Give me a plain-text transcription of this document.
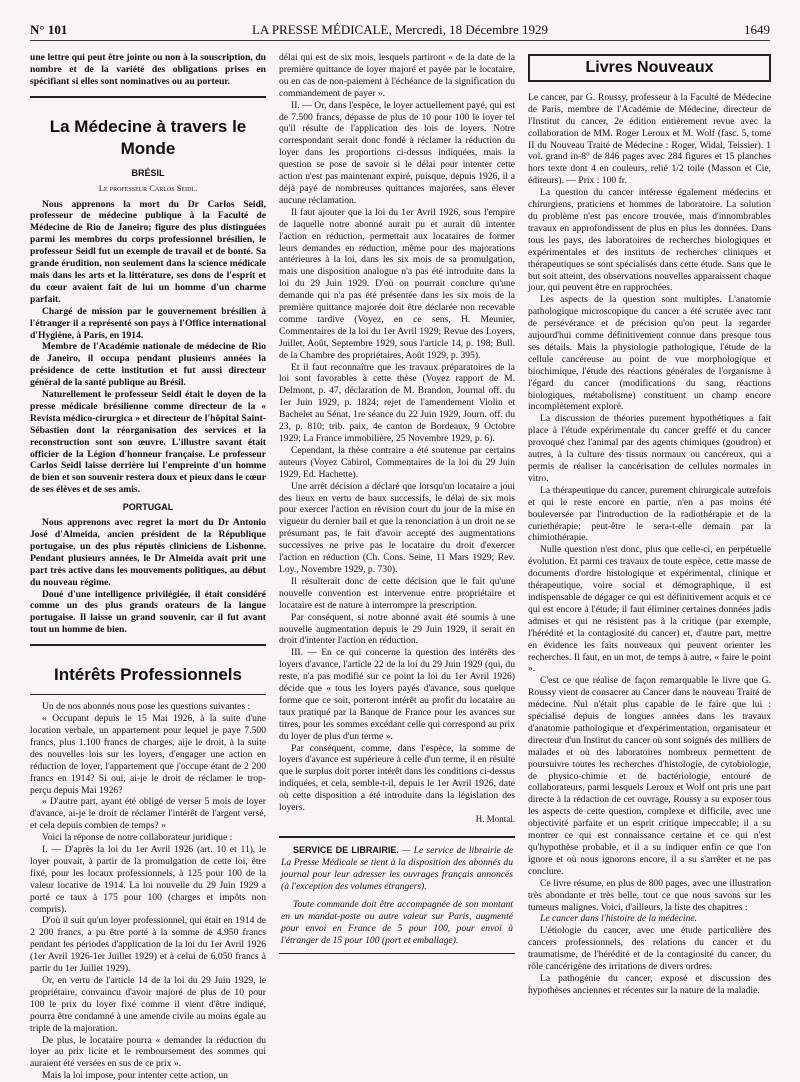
N° 101	LA PRESSE MÉDICALE, Mercredi, 18 Décembre 1929	1649

une lettre qui peut être jointe ou non à la souscription, du nombre et de la variété des obligations prises en spécifiant si elles sont nominatives ou au porteur.

La Médecine à travers le Monde
BRÉSIL
Le professeur Carlos Seidl.

Nous apprenons la mort du Dr Carlos Seidl, professeur de médecine publique à la Faculté de Médecine de Rio de Janeiro; figure des plus distinguées parmi les membres du corps professionnel brésilien, le professeur Seidl fut un exemple de travail et de bonté. Sa grande érudition, non seulement dans la science médicale mais dans les arts et la littérature, ses dons de l'esprit et du cœur avaient fait de lui un homme d'un charme parfait.

Chargé de mission par le gouvernement brésilien à l'étranger il a représenté son pays à l'Office international d'Hygiène, à Paris, en 1914.

Membre de l'Académie nationale de médecine de Rio de Janeiro, il occupa pendant plusieurs années la présidence de cette institution et fut aussi directeur général de la santé publique au Brésil.

Naturellement le professeur Seidl était le doyen de la presse médicale brésilienne comme directeur de la « Revista médico-cirurgica » et directeur de l'hôpital Saint-Sébastien dont la réorganisation des services et la reconstruction sont son œuvre. L'illustre savant était officier de la Légion d'honneur française. Le professeur Carlos Seidl laisse derrière lui l'empreinte d'un homme de bien et son souvenir restera doux et pieux dans le cœur de ses élèves et de ses amis.

PORTUGAL

Nous apprenons avec regret la mort du Dr Antonio José d'Almeida, ancien président de la République portugaise, un des plus réputés cliniciens de Lisbonne. Pendant plusieurs années, le Dr Almeida avait prit une part très active dans les mouvements politiques, au début du nouveau régime.

Doué d'une intelligence privilégiée, il était considéré comme un des plus grands orateurs de la langue portugaise. Il laisse un grand souvenir, car il fut avant tout un homme de bien.

Intérêts Professionnels

Un de nos abonnés nous pose les questions suivantes :

« Occupant depuis le 15 Mai 1926, à la suite d'une location verbale, un appartement pour lequel je paye 7.500 francs, plus 1.100 francs de charges, aije le droit, à la suite des nouvelles lois sur les loyers, d'engager une action en réduction de loyer, l'appartement que j'occupe étant de 2 200 francs en 1914? Si oui, ai-je le droit de réclamer le trop-perçu depuis Mai 1926?

« D'autre part, ayant été obligé de verser 5 mois de loyer d'avance, ai-je le droit de réclamer l'intérêt de l'argent versé, et cela depuis combien de temps? »

Voici la réponse de notre collaborateur juridique :

I. — D'après la loi du 1er Avril 1926 (art. 10 et 11), le loyer pouvait, à partir de la promulgation de cette loi, être fixé, pour les locaux professionnels, à 125 pour 100 de la valeur locative de 1914. La loi nouvelle du 29 Juin 1929 a porté ce taux à 175 pour 100 (charges et impôts non compris).

D'où il suit qu'un loyer professionnel, qui était en 1914 de 2 200 francs, a pu être porté à la somme de 4.950 francs pendant les périodes d'application de la loi du 1er Avril 1926 (1er Avril 1926-1er Juillet 1929) et à celui de 6.050 francs à partir du 1er Juillet 1929).

Or, en vertu de l'article 14 de la loi du 29 Juin 1929, le propriétaire, convaincu d'avoir majoré de plus de 10 pour 100 le prix du loyer fixé comme il vient d'être indiqué, pourra être condamné à une amende civile au moins égale au triple de la majoration.

De plus, le locataire pourra « demander la réduction du loyer au prix licite et le remboursement des sommes qui auraient été versées en sus de ce prix ».

Mais la loi impose, pour intenter cette action, un

délai qui est de six mois, lesquels partiront « de la date de la première quittance de loyer majoré et payée par le locataire, ou en cas de non-paiement à l'échéance de la signification du commandement de payer ».

II. — Or, dans l'espèce, le loyer actuellement payé, qui est de 7.500 francs, dépasse de plus de 10 pour 100 le loyer tel qu'il résulte de l'application des lois de loyers. Notre correspondant serait donc fondé à réclamer la réduction du loyer dans les proportions ci-dessus indiquées, mais la question se pose de savoir si le délai pour intenter cette action n'est pas maintenant expiré, puisque, depuis 1926, il a déjà payé de nombreuses quittances majorées, sans élever aucune réclamation.

Il faut ajouter que la loi du 1er Avril 1926, sous l'empire de laquelle notre abonné aurait pu et aurait dû intenter l'action en réduction, permettait aux locataires de former leurs demandes en réduction, même pour des majorations antérieures à la loi, dans les six mois de sa promulgation, mais une disposition analogue n'a pas été introduite dans la loi du 29 Juin 1929. D'où on pourrait conclure qu'une demande qui n'a pas été présentée dans les six mois de la première quittance majorée doit être déclarée non recevable comme tardive (Voyez, en ce sens, H. Meunier, Commentaires de la loi du 1er Avril 1929; Revue des Loyers, Juillet, Août, Septembre 1929, sous l'article 14, p. 198; Bull. de la Chambre des propriétaires, Août 1929, p. 395).

Et il faut reconnaître que les travaux préparatoires de la loi sont favorables à cette thèse (Voyez rapport de M. Delmont, p. 47, déclaration de M. Brandon, Journal off. du 1er Juin 1929, p. 1824; rejet de l'amendement Violin et Bachelet au Sénat, 1re séance du 22 Juin 1929, Journ. off. du 23, p. 810; trib. paix, 4e canton de Bordeaux, 9 Octobre 1929; La France immobilière, 25 Novembre 1929, p. 6).

Cependant, la thèse contraire a été soutenue par certains auteurs (Voyez Cabirol, Commentaires de la loi du 29 Juin 1929, Ed. Hachette).

Une arrêt décision a déclaré que lorsqu'un locataire a joui des lieux en vertu de baux successifs, le délai de six mois pour exercer l'action en révision court du jour de la mise en vigueur du dernier bail et que la renonciation à un droit ne se présumant pas, le fait d'avoir accepté des augmentations successives ne prive pas le locataire du droit d'exercer l'action en réduction (Ch. Cons. Seine, 11 Mars 1929; Rev. Loy., Novembre 1929, p. 730).

Il résulterait donc de cette décision que le fait qu'une nouvelle convention est intervenue entre propriétaire et locataire est de nature à interrompre la prescription.

Par conséquent, si notre abonné avait été soumis à une nouvelle augmentation depuis le 29 Juin 1929, il serait en droit d'intenter l'action en réduction.

III. — En ce qui concerne la question des intérêts des loyers d'avance, l'article 22 de la loi du 29 Juin 1929 (qui, du reste, n'a pas modifié sur ce point la loi du 1er Avril 1926) décide que « tous les loyers payés d'avance, sous quelque forme que ce soit, porteront intérêt au profit du locataire au taux pratiqué par la Banque de France pour les avances sur titres, pour les sommes excédant celle qui correspond au prix du loyer de plus d'un terme ».

Par conséquent, comme, dans l'espèce, la somme de loyers d'avance est supérieure à celle d'un terme, il en résulte que le surplus doit porter intérêt dans les conditions ci-dessus indiquées, et cela, semble-t-il, depuis le 1er Avril 1926, date où cette disposition a été introduite dans la législation des loyers.

H. Montal.

SERVICE DE LIBRAIRIE. — Le service de librairie de La Presse Médicale se tient à la disposition des abonnés du journal pour leur adresser les ouvrages français annoncés (à l'exception des volumes étrangers).

Toute commande doit être accompagnée de son montant en un mandat-poste ou autre valeur sur Paris, augmenté pour envoi en France de 5 pour 100, pour envoi à l'étranger de 15 pour 100 (port et emballage).

Livres Nouveaux

Le cancer, par G. Roussy, professeur à la Faculté de Médecine de Paris, membre de l'Académie de Médecine, directeur de l'Institut du cancer, 2e édition entièrement revue avec la collaboration de MM. Roger Leroux et M. Wolf (fasc. 5, tome II du Nouveau Traité de Médecine : Roger, Widal, Teissier). 1 vol. grand in-8° de 846 pages avec 284 figures et 15 planches hors texte dont 4 en couleurs, relié 1/2 toile (Masson et Cie, éditeurs). — Prix : 100 fr.

La question du cancer intéresse également médecins et chirurgiens, praticiens et hommes de laboratoire. La solution du problème n'est pas encore trouvée, mais d'innombrables travaux en approfondissent de plus en plus les données. Dans tous les pays, des laboratoires de recherches biologiques et expérimentales et des instituts de recherches cliniques et thérapeutiques se sont spécialisés dans cette étude. Sans que le but soit atteint, des observations nouvelles apparaissent chaque jour, qui peuvent être en rapprochées.

Les aspects de la question sont multiples. L'anatomie pathologique microscopique du cancer a été scrutée avec tant de persévérance et de précision qu'on peut la regarder aujourd'hui comme définitivement connue dans presque tous ses détails. Mais la physiologie pathologique, l'étude de la cellule cancéreuse au point de vue morphologique et biochimique, l'étude des réactions générales de l'organisme à l'égard du cancer (modifications du sang, réactions biologiques, métabolisme) constituent un champ encore incomplètement exploré.

La discussion de théories purement hypothétiques a fait place à l'étude expérimentale du cancer greffé et du cancer provoqué chez l'animal par des agents chimiques (goudron) et autres, à la culture des tissus normaux ou cancéreux, qui a permis de réaliser la cancérisation de cellules normales in vitro.

La thérapeutique du cancer, purement chirurgicale autrefois et qui le reste encore en partie, n'en a pas moins été bouleversée par l'introduction de la radiothérapie et de la curiethérapie; peut-être le sera-t-elle demain par la chimiothérapie.

Nulle question n'est donc, plus que celle-ci, en perpétuelle évolution. Et parmi ces travaux de toute espèce, cette masse de documents d'ordre histologique et expérimental, clinique et thérapeutique, voire social et démographique, il est indispensable de dégager ce qui est définitivement acquis et ce qui est encore à l'étude; il faut éliminer certaines données jadis admises et qui ne résistent pas à la critique (par exemple, l'hérédité et la contagiosité du cancer) et, d'autre part, mettre en évidence les faits nouveaux qui peuvent orienter les recherches. Il faut, en un mot, de temps à autre, « faire le point ».

C'est ce que réalise de façon remarquable le livre que G. Roussy vient de consacrer au Cancer dans le nouveau Traité de médecine. Nul n'était plus capable de le faire que lui : spécialisé depuis de longues années dans les travaux d'anatomie pathologique et d'expérimentation, organisateur et directeur d'un Institut du cancer où sont soignés des milliers de malades et où des laboratoires nombreux permettent de poursuivre toutes les recherches d'histologie, de cytobiologie, de physico-chimie et de bactériologie, entouré de collaborateurs, parmi lesquels Leroux et Wolf ont pris une part directe à la rédaction de cet ouvrage, Roussy a su exposer tous les aspects de cette question, complexe et difficile, avec une objectivité parfaite et un esprit critique impeccable; il a su montrer ce qui est connaissance certaine et ce qui n'est qu'hypothèse probable, et il a su indiquer enfin ce que l'on ignore et où nous ignorons encore, il a su s'arrêter et ne pas conclure.

Ce livre résume, en plus de 800 pages, avec une illustration très abondante et très belle, tout ce que nous savons sur les tumeurs malignes. Voici, d'ailleurs, la liste des chapitres :

Le cancer dans l'histoire de la médecine.

L'étiologie du cancer, avec une étude particulière des cancers professionnels, des relations du cancer et du traumatisme, de l'hérédité et de la contagiosité du cancer, du rôle cancérigène des irritations de divers ordres.

La pathogénie du cancer, exposé et discussion des hypothèses anciennes et récentes sur la nature de la maladie.
